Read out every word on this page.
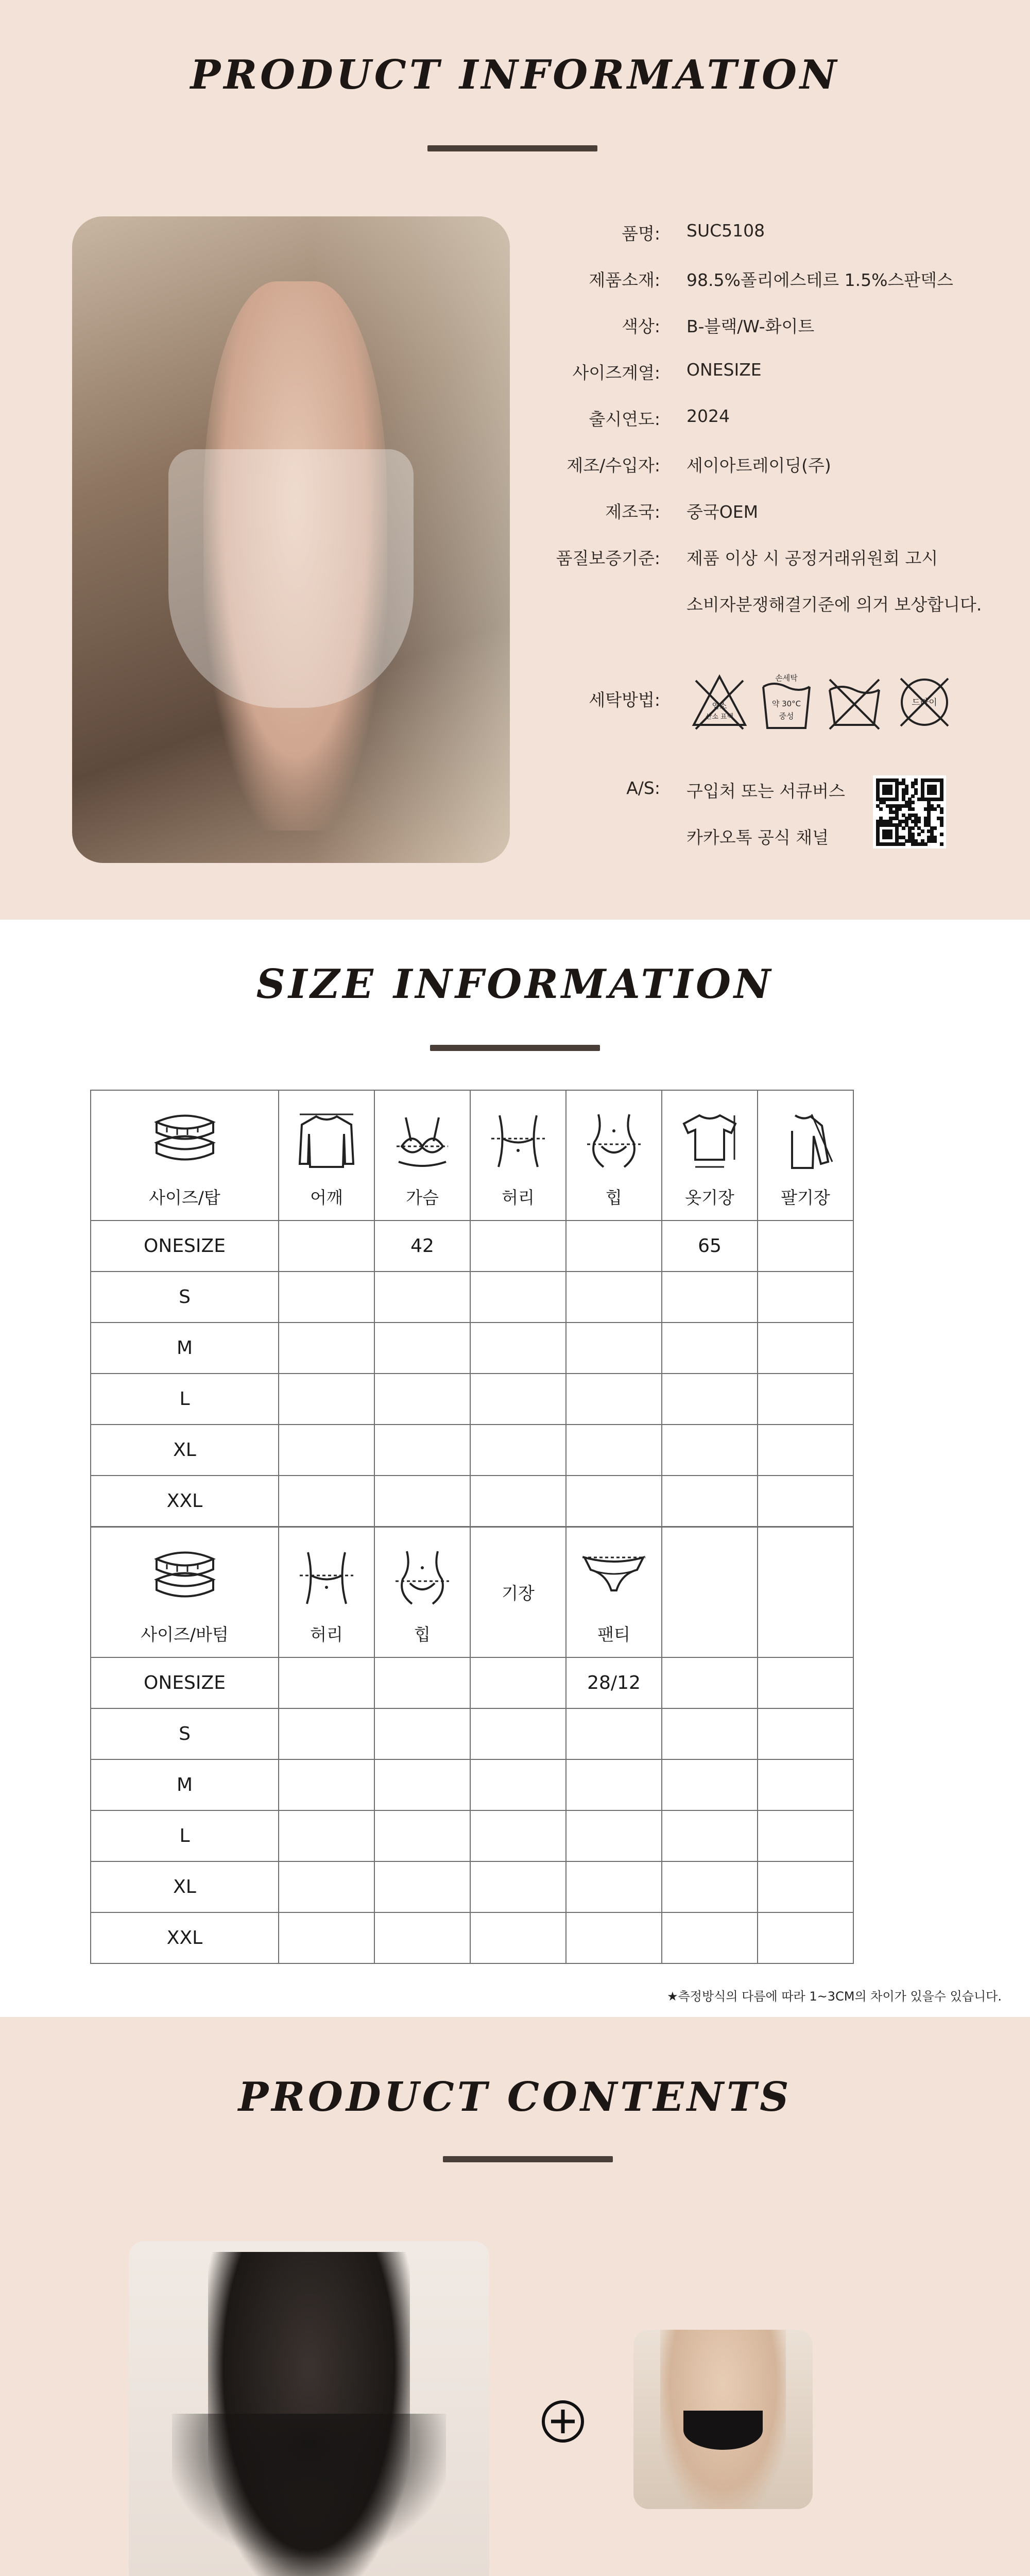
PRODUCT INFORMATION
품명: SUC5108
제품소재: 98.5%폴리에스테르 1.5%스판덱스
색상: B-블랙/W-화이트
사이즈계열: ONESIZE
출시연도: 2024
제조/수입자: 세이아트레이딩(주)
제조국: 중국OEM
품질보증기준: 제품 이상 시 공정거래위원회 고시
소비자분쟁해결기준에 의거 보상합니다.
세탁방법:	염소
산소 표백
손세탁
약 30°C
중성
드라이
A/S: 구입처 또는 서큐버스
카카오톡 공식 채널
SIZE INFORMATION
사이즈/탑	어깨	가슴	허리	힙	옷기장	팔기장
ONESIZE		42			65	
S						
M						
L						
XL						
XXL						
사이즈/바텀	허리	힙	기장	팬티		
ONESIZE				28/12		
S						
M						
L						
XL						
XXL						
★측정방식의 다름에 따라 1~3CM의 차이가 있을수 있습니다.
PRODUCT CONTENTS
